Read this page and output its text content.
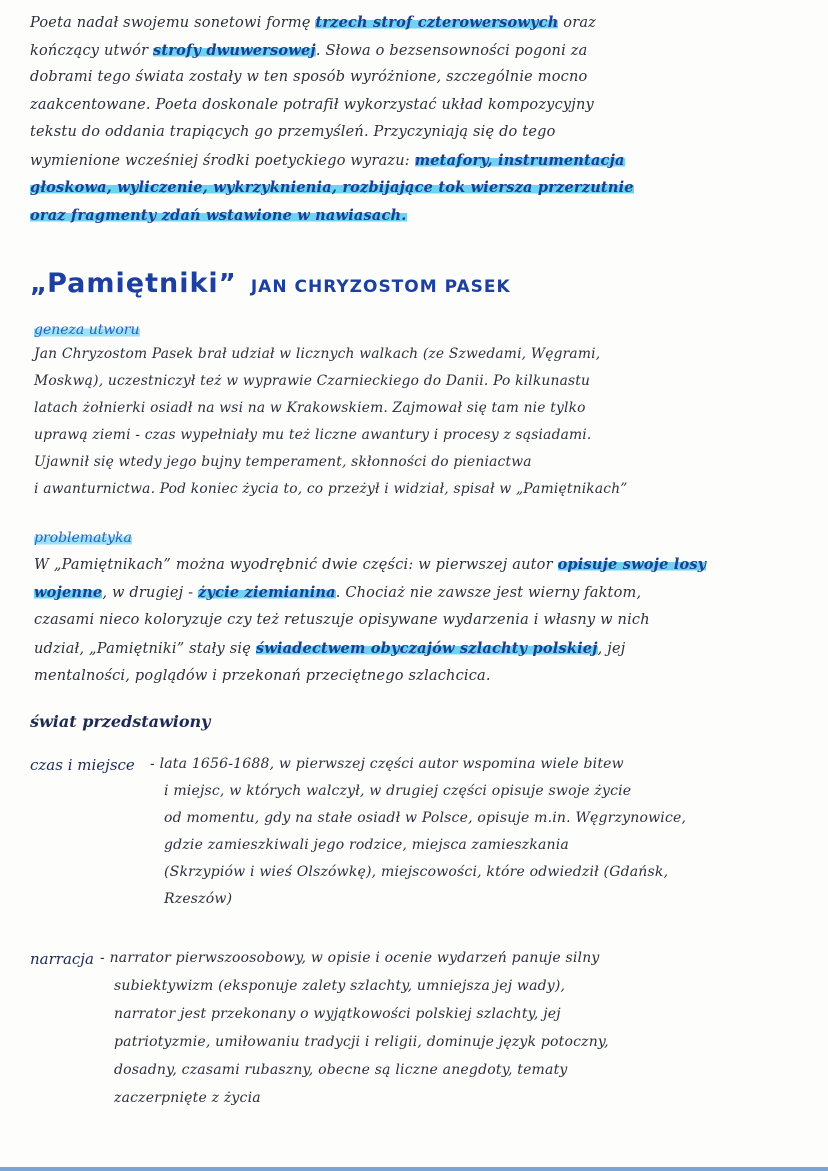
Poeta nadał swojemu sonetowi formę trzech strof czterowersowych oraz
kończący utwór strofy dwuwersowej. Słowa o bezsensowności pogoni za
dobrami tego świata zostały w ten sposób wyróżnione, szczególnie mocno
zaakcentowane. Poeta doskonale potrafił wykorzystać układ kompozycyjny
tekstu do oddania trapiących go przemyśleń. Przyczyniają się do tego
wymienione wcześniej środki poetyckiego wyrazu: metafory, instrumentacja
głoskowa, wyliczenie, wykrzyknienia, rozbijające tok wiersza przerzutnie
oraz fragmenty zdań wstawione w nawiasach.
„Pamiętniki” JAN CHRYZOSTOM PASEK
geneza utworu
Jan Chryzostom Pasek brał udział w licznych walkach (ze Szwedami, Węgrami,
Moskwą), uczestniczył też w wyprawie Czarnieckiego do Danii. Po kilkunastu
latach żołnierki osiadł na wsi na w Krakowskiem. Zajmował się tam nie tylko
uprawą ziemi - czas wypełniały mu też liczne awantury i procesy z sąsiadami.
Ujawnił się wtedy jego bujny temperament, skłonności do pieniactwa
i awanturnictwa. Pod koniec życia to, co przeżył i widział, spisał w „Pamiętnikach”
problematyka
W „Pamiętnikach” można wyodrębnić dwie części: w pierwszej autor opisuje swoje losy
wojenne, w drugiej - życie ziemianina. Chociaż nie zawsze jest wierny faktom,
czasami nieco koloryzuje czy też retuszuje opisywane wydarzenia i własny w nich
udział, „Pamiętniki” stały się świadectwem obyczajów szlachty polskiej, jej
mentalności, poglądów i przekonań przeciętnego szlachcica.
świat przedstawiony
czas i miejsce - lata 1656-1688, w pierwszej części autor wspomina wiele bitew
i miejsc, w których walczył, w drugiej części opisuje swoje życie
od momentu, gdy na stałe osiadł w Polsce, opisuje m.in. Węgrzynowice,
gdzie zamieszkiwali jego rodzice, miejsca zamieszkania
(Skrzypiów i wieś Olszówkę), miejscowości, które odwiedził (Gdańsk,
Rzeszów)
narracja - narrator pierwszoosobowy, w opisie i ocenie wydarzeń panuje silny
subiektywizm (eksponuje zalety szlachty, umniejsza jej wady),
narrator jest przekonany o wyjątkowości polskiej szlachty, jej
patriotyzmie, umiłowaniu tradycji i religii, dominuje język potoczny,
dosadny, czasami rubaszny, obecne są liczne anegdoty, tematy
zaczerpnięte z życia
